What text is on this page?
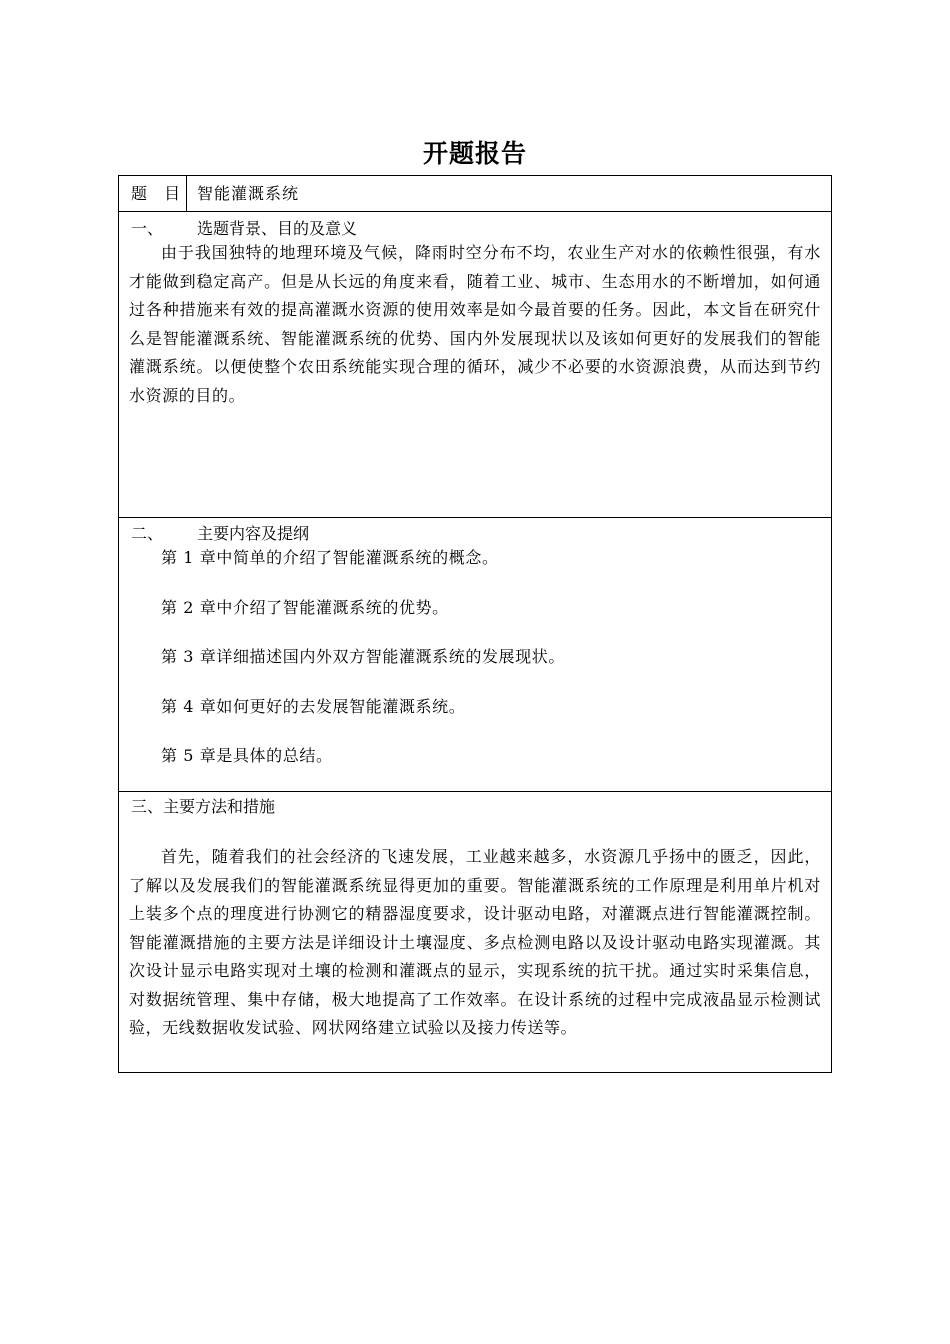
开题报告
题 目 智能灌溉系统
一、 选题背景、目的及意义

由于我国独特的地理环境及气候，降雨时空分布不均，农业生产对水的依赖性很强，有水才能做到稳定高产。但是从长远的角度来看，随着工业、城市、生态用水的不断增加，如何通过各种措施来有效的提高灌溉水资源的使用效率是如今最首要的任务。因此，本文旨在研究什么是智能灌溉系统、智能灌溉系统的优势、国内外发展现状以及该如何更好的发展我们的智能灌溉系统。以便使整个农田系统能实现合理的循环，减少不必要的水资源浪费，从而达到节约水资源的目的。

二、 主要内容及提纲
第 1 章中简单的介绍了智能灌溉系统的概念。
第 2 章中介绍了智能灌溉系统的优势。
第 3 章详细描述国内外双方智能灌溉系统的发展现状。
第 4 章如何更好的去发展智能灌溉系统。
第 5 章是具体的总结。
三、主要方法和措施

首先，随着我们的社会经济的飞速发展，工业越来越多，水资源几乎扬中的匮乏，因此，了解以及发展我们的智能灌溉系统显得更加的重要。智能灌溉系统的工作原理是利用单片机对上装多个点的理度进行协测它的精器湿度要求，设计驱动电路，对灌溉点进行智能灌溉控制。智能灌溉措施的主要方法是详细设计土壤湿度、多点检测电路以及设计驱动电路实现灌溉。其次设计显示电路实现对土壤的检测和灌溉点的显示，实现系统的抗干扰。通过实时采集信息，对数据统管理、集中存储，极大地提高了工作效率。在设计系统的过程中完成液晶显示检测试验，无线数据收发试验、网状网络建立试验以及接力传送等。
